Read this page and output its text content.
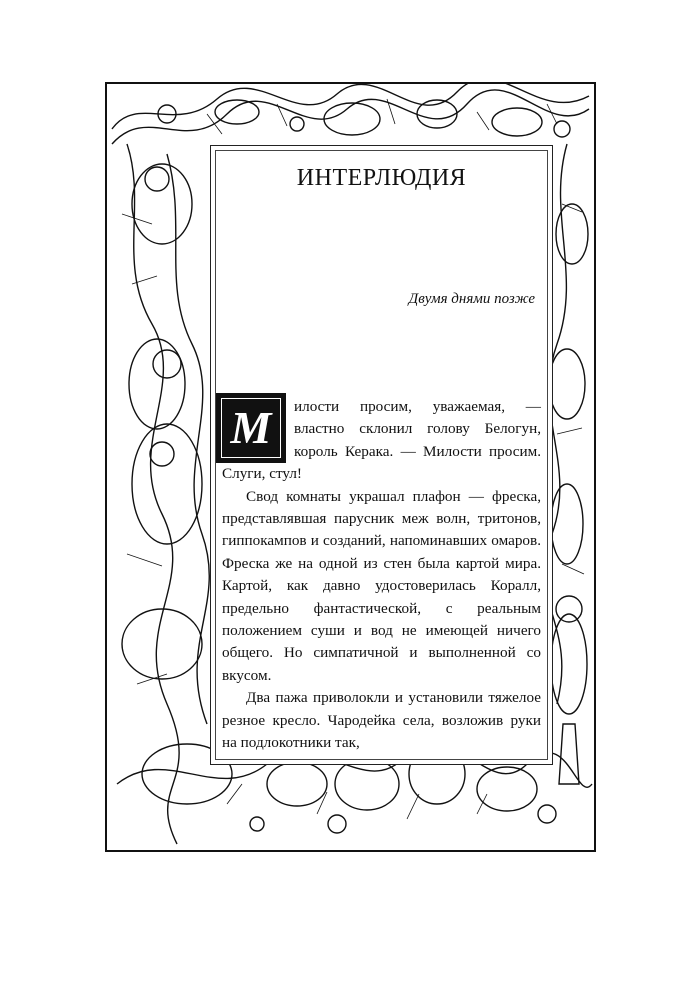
ИНТЕРЛЮДИЯ
Двумя днями позже

М	илости просим, уважаемая, — властно склонил голову Белогун, король Керака. — Милости просим. Слуги, стул!

Свод комнаты украшал плафон — фреска, представлявшая парусник меж волн, тритонов, гиппокампов и созданий, напоминавших омаров. Фреска же на одной из стен была картой мира. Картой, как давно удостоверилась Коралл, предельно фантастической, с реальным положением суши и вод не имеющей ничего общего. Но симпатичной и выполненной со вкусом.

Два пажа приволокли и установили тяжелое резное кресло. Чародейка села, возложив руки на подлокотники так,
